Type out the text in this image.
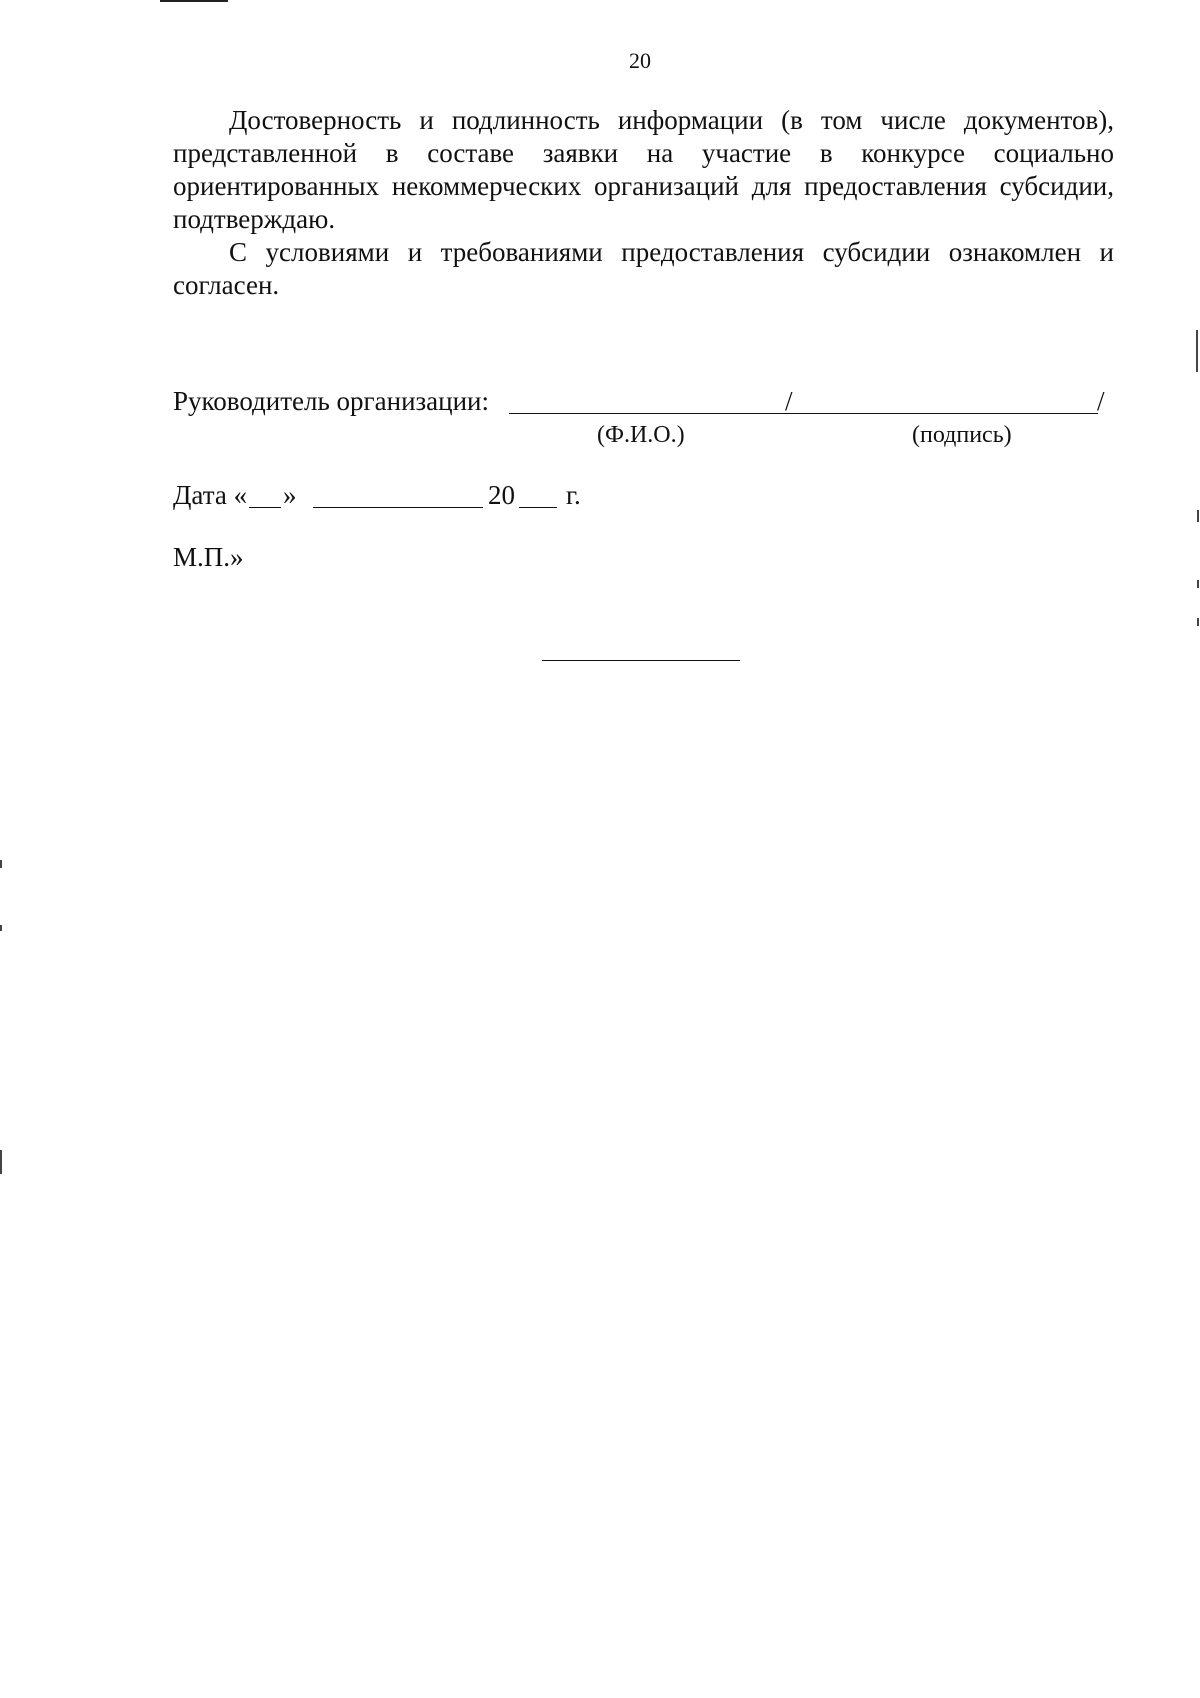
20

Достоверность и подлинность информации (в том числе документов), представленной в составе заявки на участие в конкурсе социально ориентированных некоммерческих организаций для предоставления субсидии, подтверждаю.

С условиями и требованиями предоставления субсидии ознакомлен и согласен.

Руководитель организации:	/	/
(Ф.И.О.)	(подпись)
Дата « »	20 г.
М.П.»
